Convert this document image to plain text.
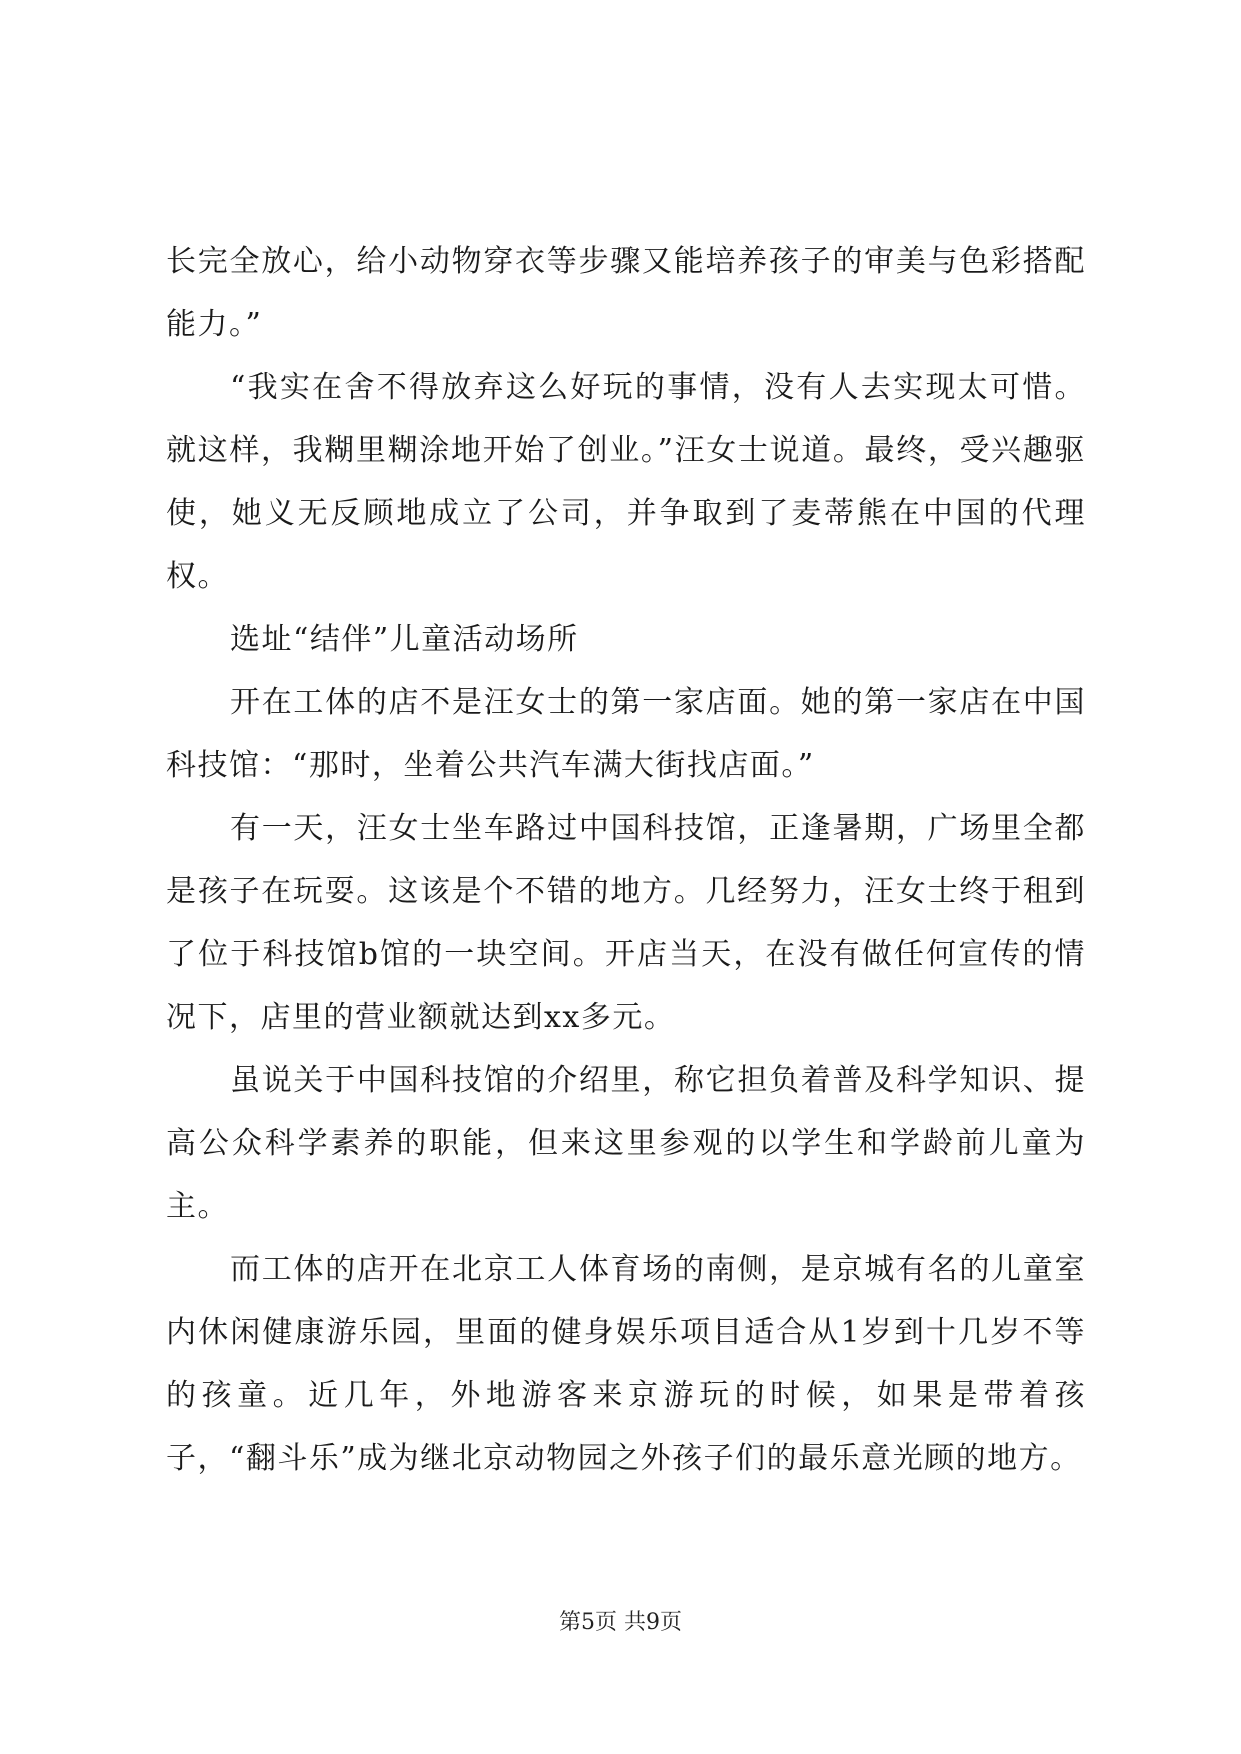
长完全放心，给小动物穿衣等步骤又能培养孩子的审美与色彩搭配能力。”

“我实在舍不得放弃这么好玩的事情，没有人去实现太可惜。就这样，我糊里糊涂地开始了创业。”汪女士说道。最终，受兴趣驱使，她义无反顾地成立了公司，并争取到了麦蒂熊在中国的代理权。

选址“结伴”儿童活动场所

开在工体的店不是汪女士的第一家店面。她的第一家店在中国科技馆：“那时，坐着公共汽车满大街找店面。”

有一天，汪女士坐车路过中国科技馆，正逢暑期，广场里全都是孩子在玩耍。这该是个不错的地方。几经努力，汪女士终于租到了位于科技馆b馆的一块空间。开店当天，在没有做任何宣传的情况下，店里的营业额就达到xx多元。

虽说关于中国科技馆的介绍里，称它担负着普及科学知识、提高公众科学素养的职能，但来这里参观的以学生和学龄前儿童为主。

而工体的店开在北京工人体育场的南侧，是京城有名的儿童室内休闲健康游乐园，里面的健身娱乐项目适合从1岁到十几岁不等的孩童。近几年，外地游客来京游玩的时候，如果是带着孩子，“翻斗乐”成为继北京动物园之外孩子们的最乐意光顾的地方。

第5页 共9页
